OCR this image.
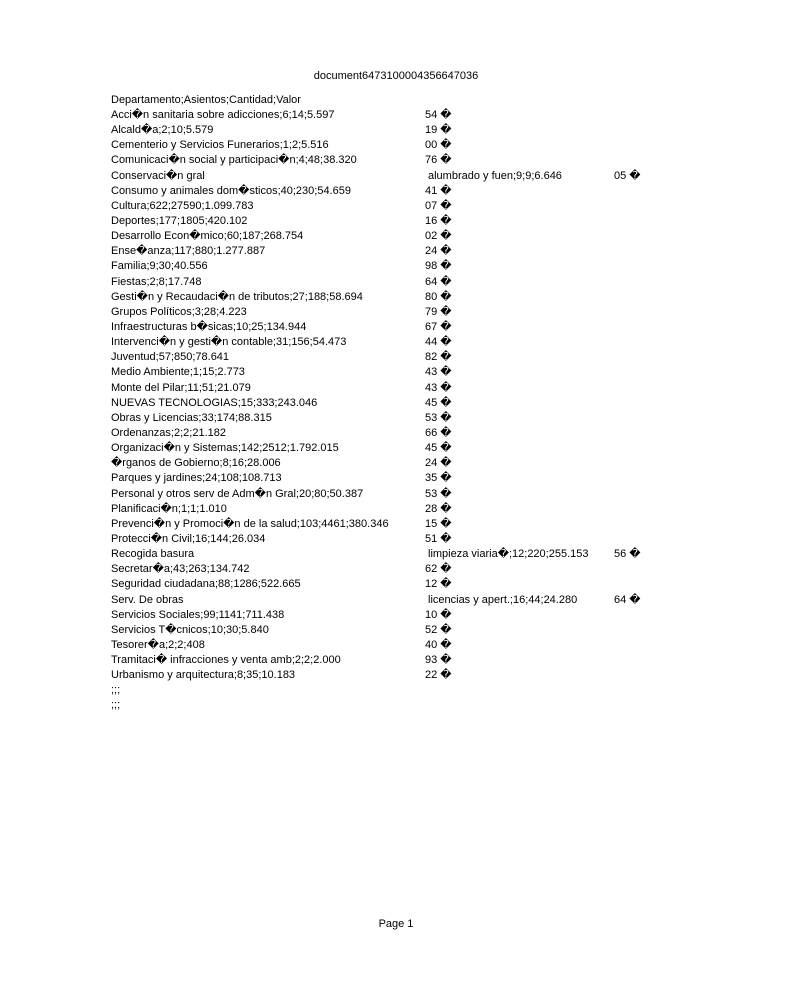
document6473100004356647036
Departamento;Asientos;Cantidad;Valor
Acci�n sanitaria sobre adicciones;6;14;5.597	54 �
Alcald�a;2;10;5.579	19 �
Cementerio y Servicios Funerarios;1;2;5.516	00 �
Comunicaci�n social y participaci�n;4;48;38.320	76 �
Conservaci�n gral	alumbrado y fuen;9;9;6.646	05 �
Consumo y animales dom�sticos;40;230;54.659	41 �
Cultura;622;27590;1.099.783	07 �
Deportes;177;1805;420.102	16 �
Desarrollo Econ�mico;60;187;268.754	02 �
Ense�anza;117;880;1.277.887	24 �
Familia;9;30;40.556	98 �
Fiestas;2;8;17.748	64 �
Gesti�n y Recaudaci�n de tributos;27;188;58.694	80 �
Grupos Políticos;3;28;4.223	79 �
Infraestructuras b�sicas;10;25;134.944	67 �
Intervenci�n y gesti�n contable;31;156;54.473	44 �
Juventud;57;850;78.641	82 �
Medio Ambiente;1;15;2.773	43 �
Monte del Pilar;11;51;21.079	43 �
NUEVAS TECNOLOGIAS;15;333;243.046	45 �
Obras y Licencias;33;174;88.315	53 �
Ordenanzas;2;2;21.182	66 �
Organizaci�n y Sistemas;142;2512;1.792.015	45 �
�rganos de Gobierno;8;16;28.006	24 �
Parques y jardines;24;108;108.713	35 �
Personal y otros serv de Adm�n Gral;20;80;50.387	53 �
Planificaci�n;1;1;1.010	28 �
Prevenci�n y Promoci�n de la salud;103;4461;380.346	15 �
Protecci�n Civil;16;144;26.034	51 �
Recogida basura	limpieza viaria�;12;220;255.153 56 �
Secretar�a;43;263;134.742	62 �
Seguridad ciudadana;88;1286;522.665	12 �
Serv. De obras	licencias y apert.;16;44;24.280	64 �
Servicios Sociales;99;1141;711.438	10 �
Servicios T�cnicos;10;30;5.840	52 �
Tesorer�a;2;2;408	40 �
Tramitaci� infracciones y venta amb;2;2;2.000	93 �
Urbanismo y arquitectura;8;35;10.183	22 �
;;;
;;;
Page 1
